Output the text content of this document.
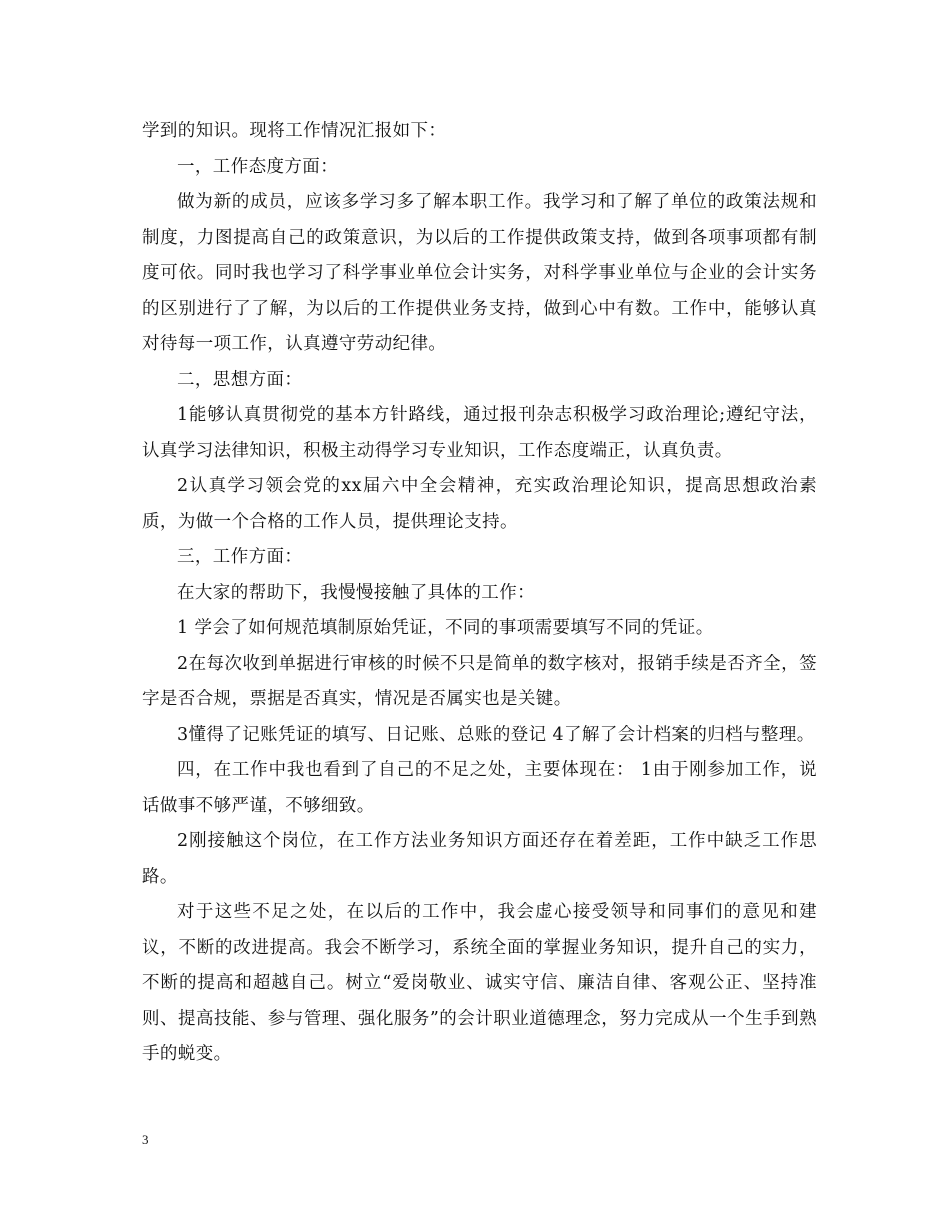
学到的知识。现将工作情况汇报如下：

一，工作态度方面：

做为新的成员，应该多学习多了解本职工作。我学习和了解了单位的政策法规和制度，力图提高自己的政策意识，为以后的工作提供政策支持，做到各项事项都有制度可依。同时我也学习了科学事业单位会计实务，对科学事业单位与企业的会计实务的区别进行了了解，为以后的工作提供业务支持，做到心中有数。工作中，能够认真对待每一项工作，认真遵守劳动纪律。

二，思想方面：

1能够认真贯彻党的基本方针路线，通过报刊杂志积极学习政治理论;遵纪守法，认真学习法律知识，积极主动得学习专业知识，工作态度端正，认真负责。

2认真学习领会党的xx届六中全会精神，充实政治理论知识，提高思想政治素质，为做一个合格的工作人员，提供理论支持。

三，工作方面：

在大家的帮助下，我慢慢接触了具体的工作：

1 学会了如何规范填制原始凭证，不同的事项需要填写不同的凭证。

2在每次收到单据进行审核的时候不只是简单的数字核对，报销手续是否齐全，签字是否合规，票据是否真实，情况是否属实也是关键。

3懂得了记账凭证的填写、日记账、总账的登记 4了解了会计档案的归档与整理。

四，在工作中我也看到了自己的不足之处，主要体现在： 1由于刚参加工作，说话做事不够严谨，不够细致。

2刚接触这个岗位，在工作方法业务知识方面还存在着差距，工作中缺乏工作思路。

对于这些不足之处，在以后的工作中，我会虚心接受领导和同事们的意见和建议，不断的改进提高。我会不断学习，系统全面的掌握业务知识，提升自己的实力，不断的提高和超越自己。树立“爱岗敬业、诚实守信、廉洁自律、客观公正、坚持准则、提高技能、参与管理、强化服务”的会计职业道德理念，努力完成从一个生手到熟手的蜕变。

3
